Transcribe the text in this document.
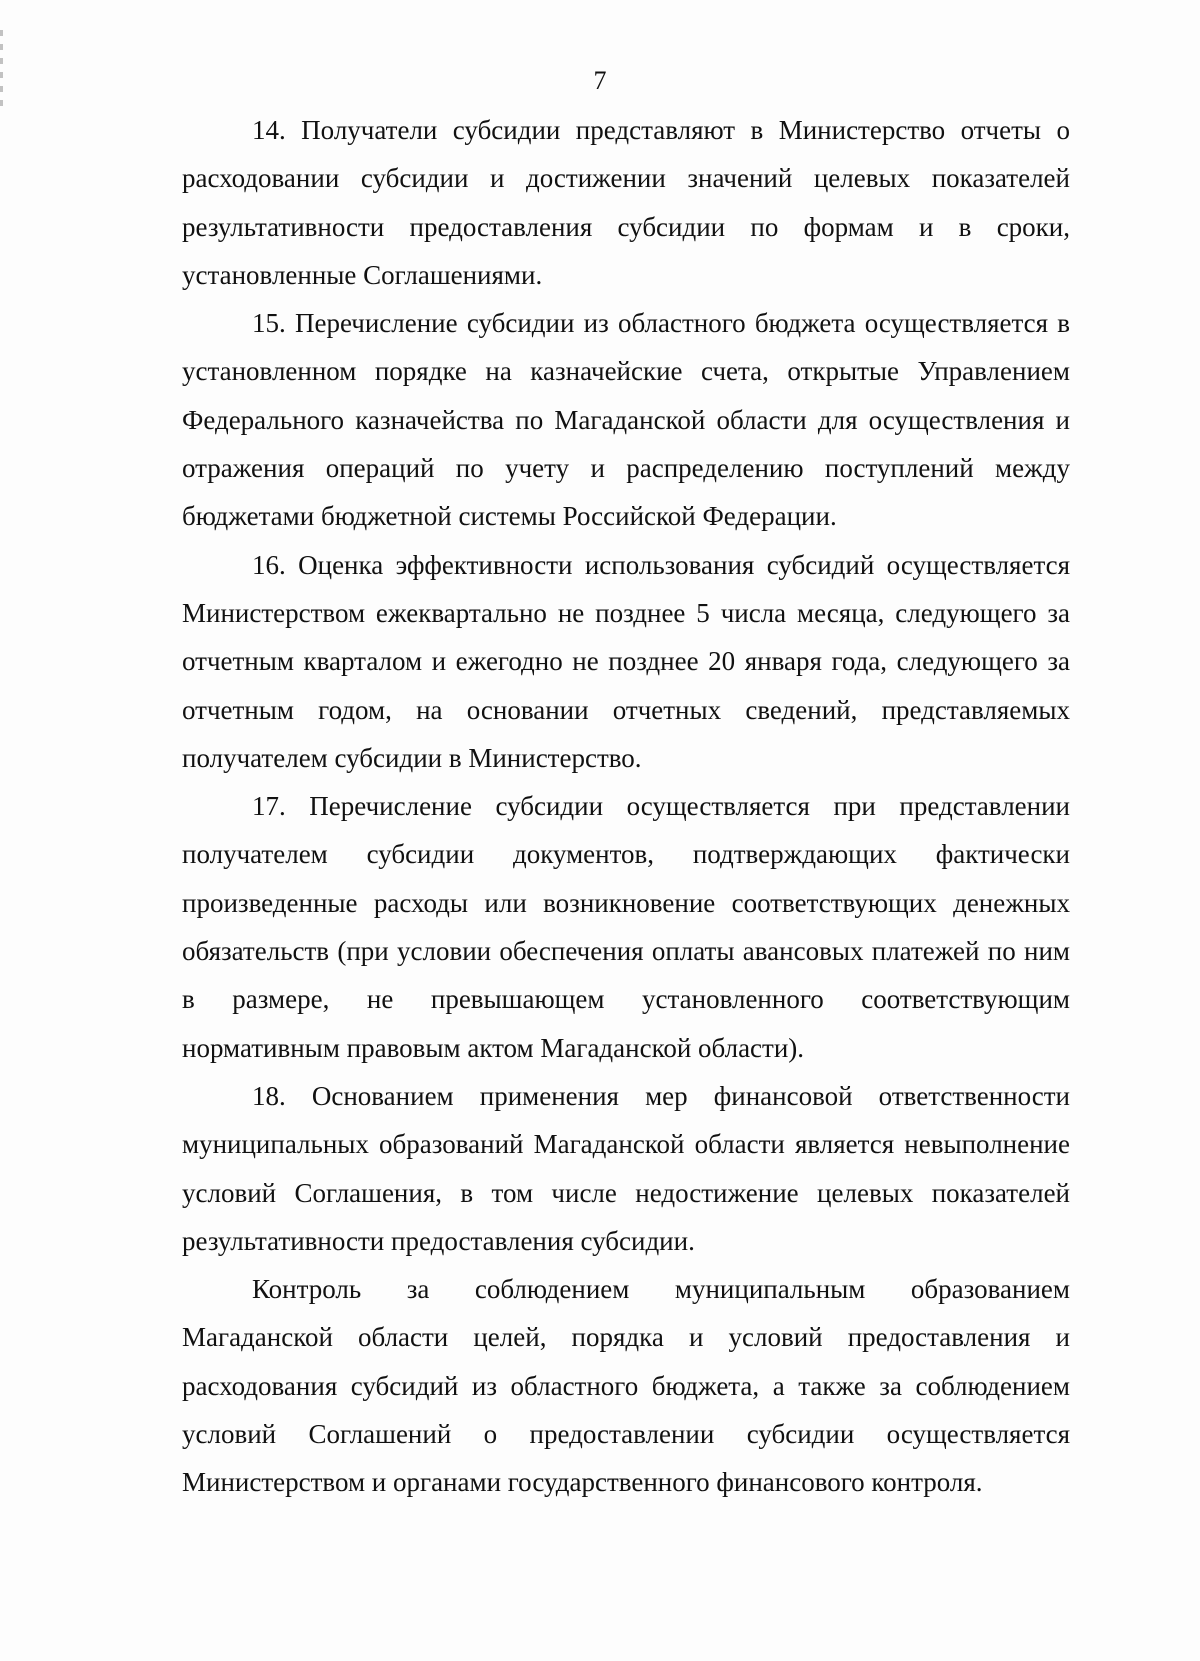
7

14. Получатели субсидии представляют в Министерство отчеты о расходовании субсидии и достижении значений целевых показателей результативности предоставления субсидии по формам и в сроки, установленные Соглашениями.

15. Перечисление субсидии из областного бюджета осуществляется в установленном порядке на казначейские счета, открытые Управлением Федерального казначейства по Магаданской области для осуществления и отражения операций по учету и распределению поступлений между бюджетами бюджетной системы Российской Федерации.

16. Оценка эффективности использования субсидий осуществляется Министерством ежеквартально не позднее 5 числа месяца, следующего за отчетным кварталом и ежегодно не позднее 20 января года, следующего за отчетным годом, на основании отчетных сведений, представляемых получателем субсидии в Министерство.

17. Перечисление субсидии осуществляется при представлении получателем субсидии документов, подтверждающих фактически произведенные расходы или возникновение соответствующих денежных обязательств (при условии обеспечения оплаты авансовых платежей по ним в размере, не превышающем установленного соответствующим нормативным правовым актом Магаданской области).

18. Основанием применения мер финансовой ответственности муниципальных образований Магаданской области является невыполнение условий Соглашения, в том числе недостижение целевых показателей результативности предоставления субсидии.

Контроль за соблюдением муниципальным образованием Магаданской области целей, порядка и условий предоставления и расходования субсидий из областного бюджета, а также за соблюдением условий Соглашений о предоставлении субсидии осуществляется Министерством и органами государственного финансового контроля.
